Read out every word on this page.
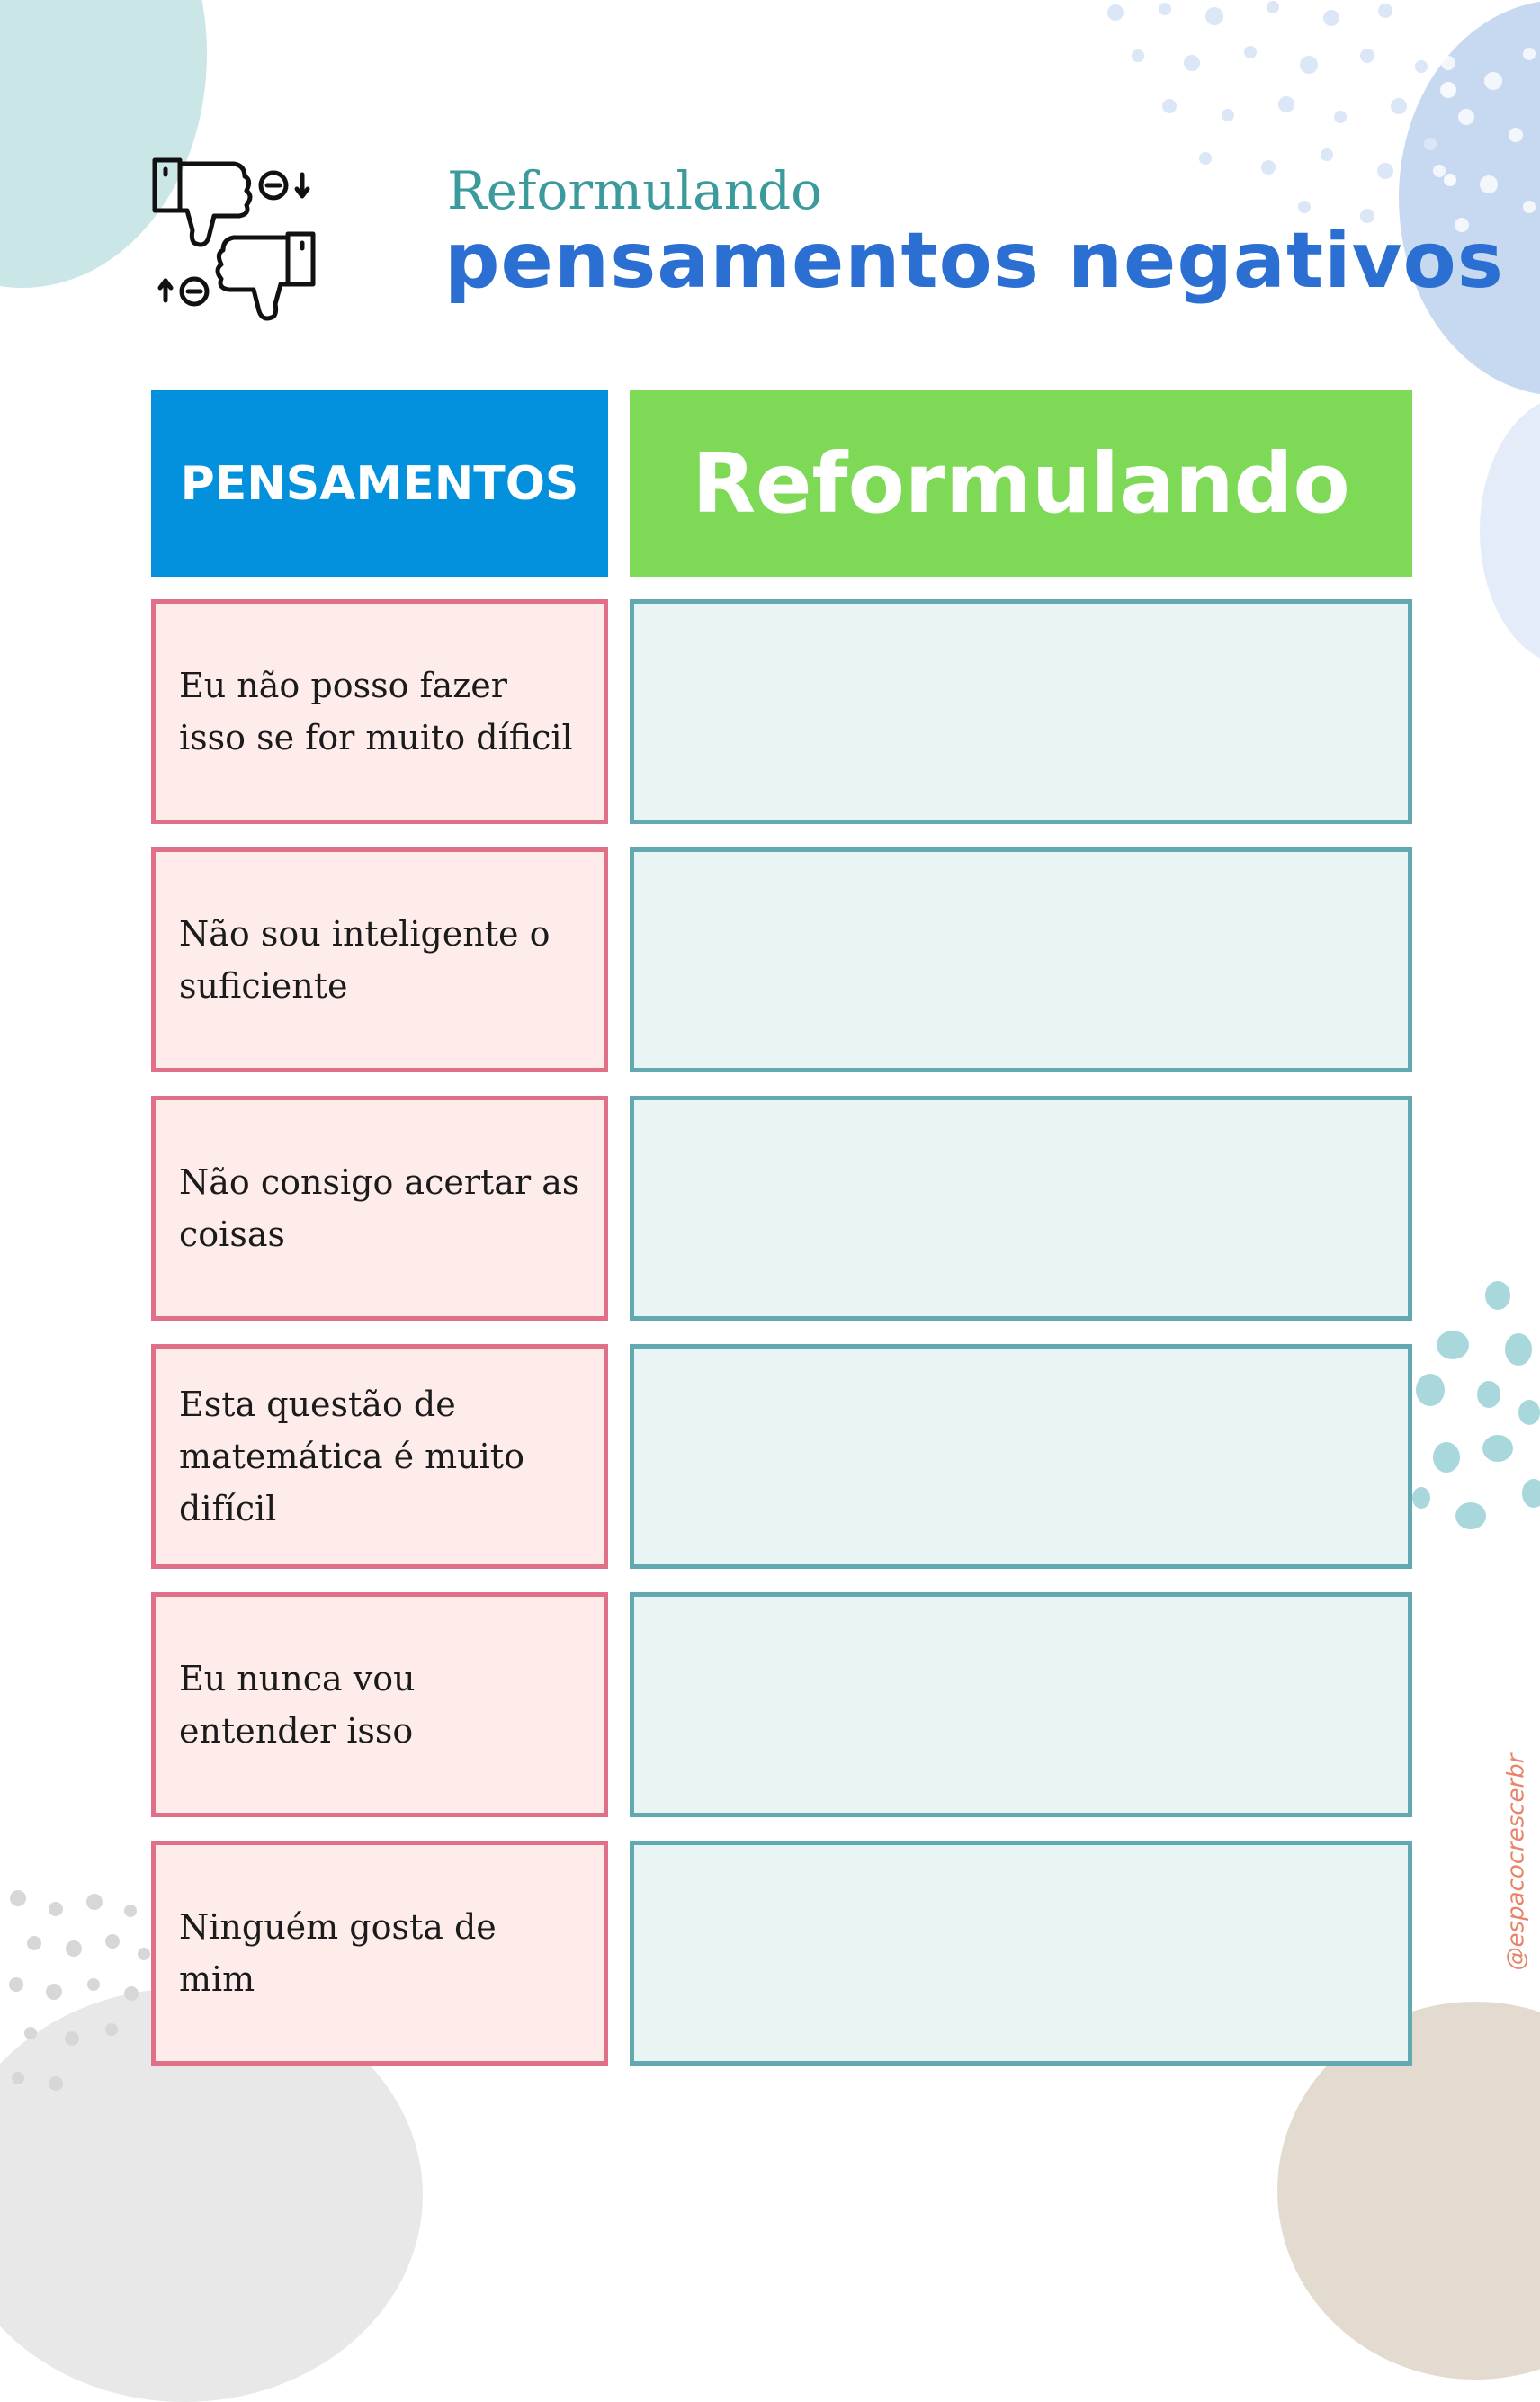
Reformulando
pensamentos negativos
PENSAMENTOS Reformulando
Eu não posso fazer isso se for muito díficil
Não sou inteligente o suficiente
Não consigo acertar as coisas
Esta questão de matemática é muito difícil
Eu nunca vou entender isso
Ninguém gosta de mim
@espacocrescerbr
